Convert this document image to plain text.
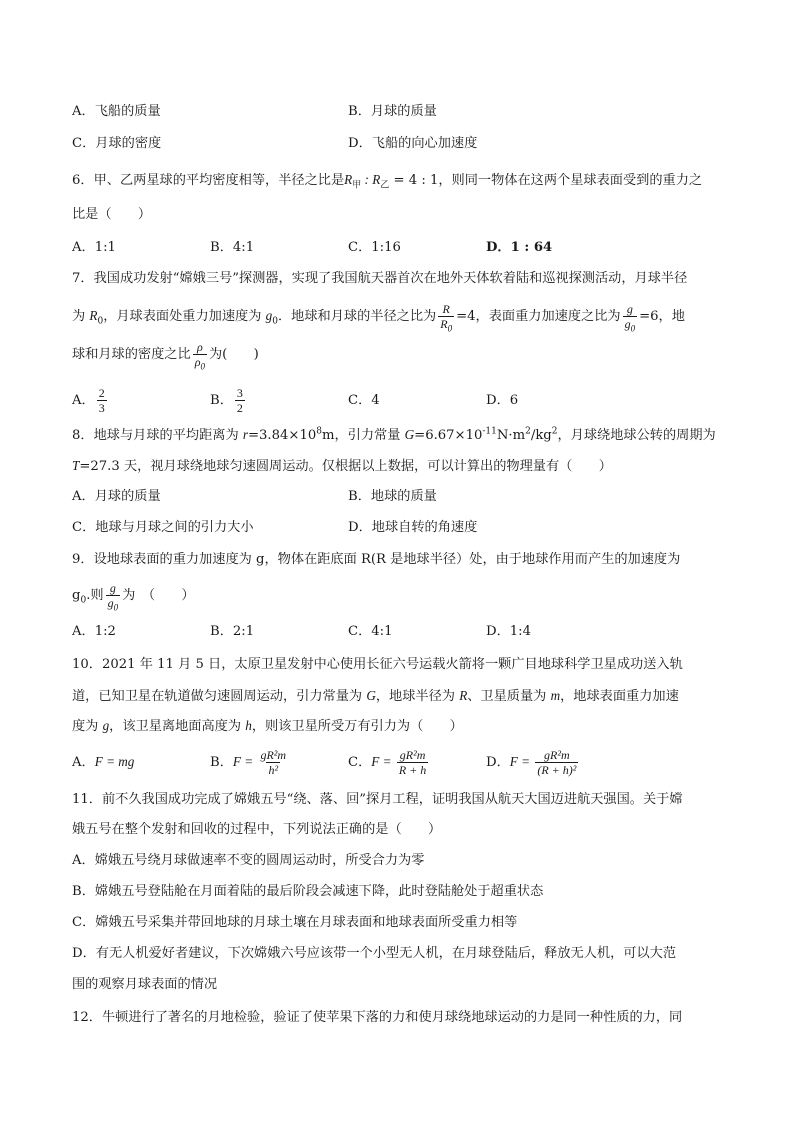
A．飞船的质量	B．月球的质量
C．月球的密度	D．飞船的向心加速度
6．甲、乙两星球的平均密度相等，半径之比是$R_甲$ : $R_乙 = 4$ : 1，则同一物体在这两个星球表面受到的重力之
比是（　　）
A．1:1	B．4:1	C．1:16	D．1 : 64
7．我国成功发射“嫦娥三号”探测器，实现了我国航天器首次在地外天体软着陆和巡视探测活动，月球半径
为 $R_0$，月球表面处重力加速度为 $g_0$．地球和月球的半径之比为 $\frac{R}{R_0} =4$，表面重力加速度之比为 $\frac{g}{g_0} =6$，地
球和月球的密度之比 $\frac{\rho}{\rho_0}$ 为(　　)
A． $\frac{2}{3}$	B． $\frac{3}{2}$	C．4	D．6
8．地球与月球的平均距离为 $r=3.84\times 10^8m$，引力常量 $G=6.67\times 10^{-11}N\cdot m^2/kg^2$，月球绕地球公转的周期为
T=27.3 天，视月球绕地球匀速圆周运动。仅根据以上数据，可以计算出的物理量有（　　）
A．月球的质量	B．地球的质量
C．地球与月球之间的引力大小	D．地球自转的角速度
9．设地球表面的重力加速度为 g，物体在距底面 R(R 是地球半径）处，由于地球作用而产生的加速度为
$g_0$.则 $\frac{g}{g_0}$ 为　（　　）
A．1:2	B．2:1	C．4:1	D．1:4
10．2021 年 11 月 5 日，太原卫星发射中心使用长征六号运载火箭将一颗广目地球科学卫星成功送入轨
道，已知卫星在轨道做匀速圆周运动，引力常量为 G，地球半径为 R、卫星质量为 m，地球表面重力加速
度为 g，该卫星离地面高度为 h，则该卫星所受万有引力为（　　）
A．F = mg	B．$F = \frac{\text{gR²m}}{\text{h²}}$	C．$F = \frac{\text{gR²m}}{R + h}$	D．$F = \frac{\text{gR²m}}{\text{(R + h)²}}$
11．前不久我国成功完成了嫦娥五号“绕、落、回”探月工程，证明我国从航天大国迈进航天强国。关于嫦
娥五号在整个发射和回收的过程中，下列说法正确的是（　　）
A．嫦娥五号绕月球做速率不变的圆周运动时，所受合力为零
B．嫦娥五号登陆舱在月面着陆的最后阶段会减速下降，此时登陆舱处于超重状态
C．嫦娥五号采集并带回地球的月球土壤在月球表面和地球表面所受重力相等
D．有无人机爱好者建议，下次嫦娥六号应该带一个小型无人机，在月球登陆后，释放无人机，可以大范
围的观察月球表面的情况
12．牛顿进行了著名的月地检验，验证了使苹果下落的力和使月球绕地球运动的力是同一种性质的力，同
